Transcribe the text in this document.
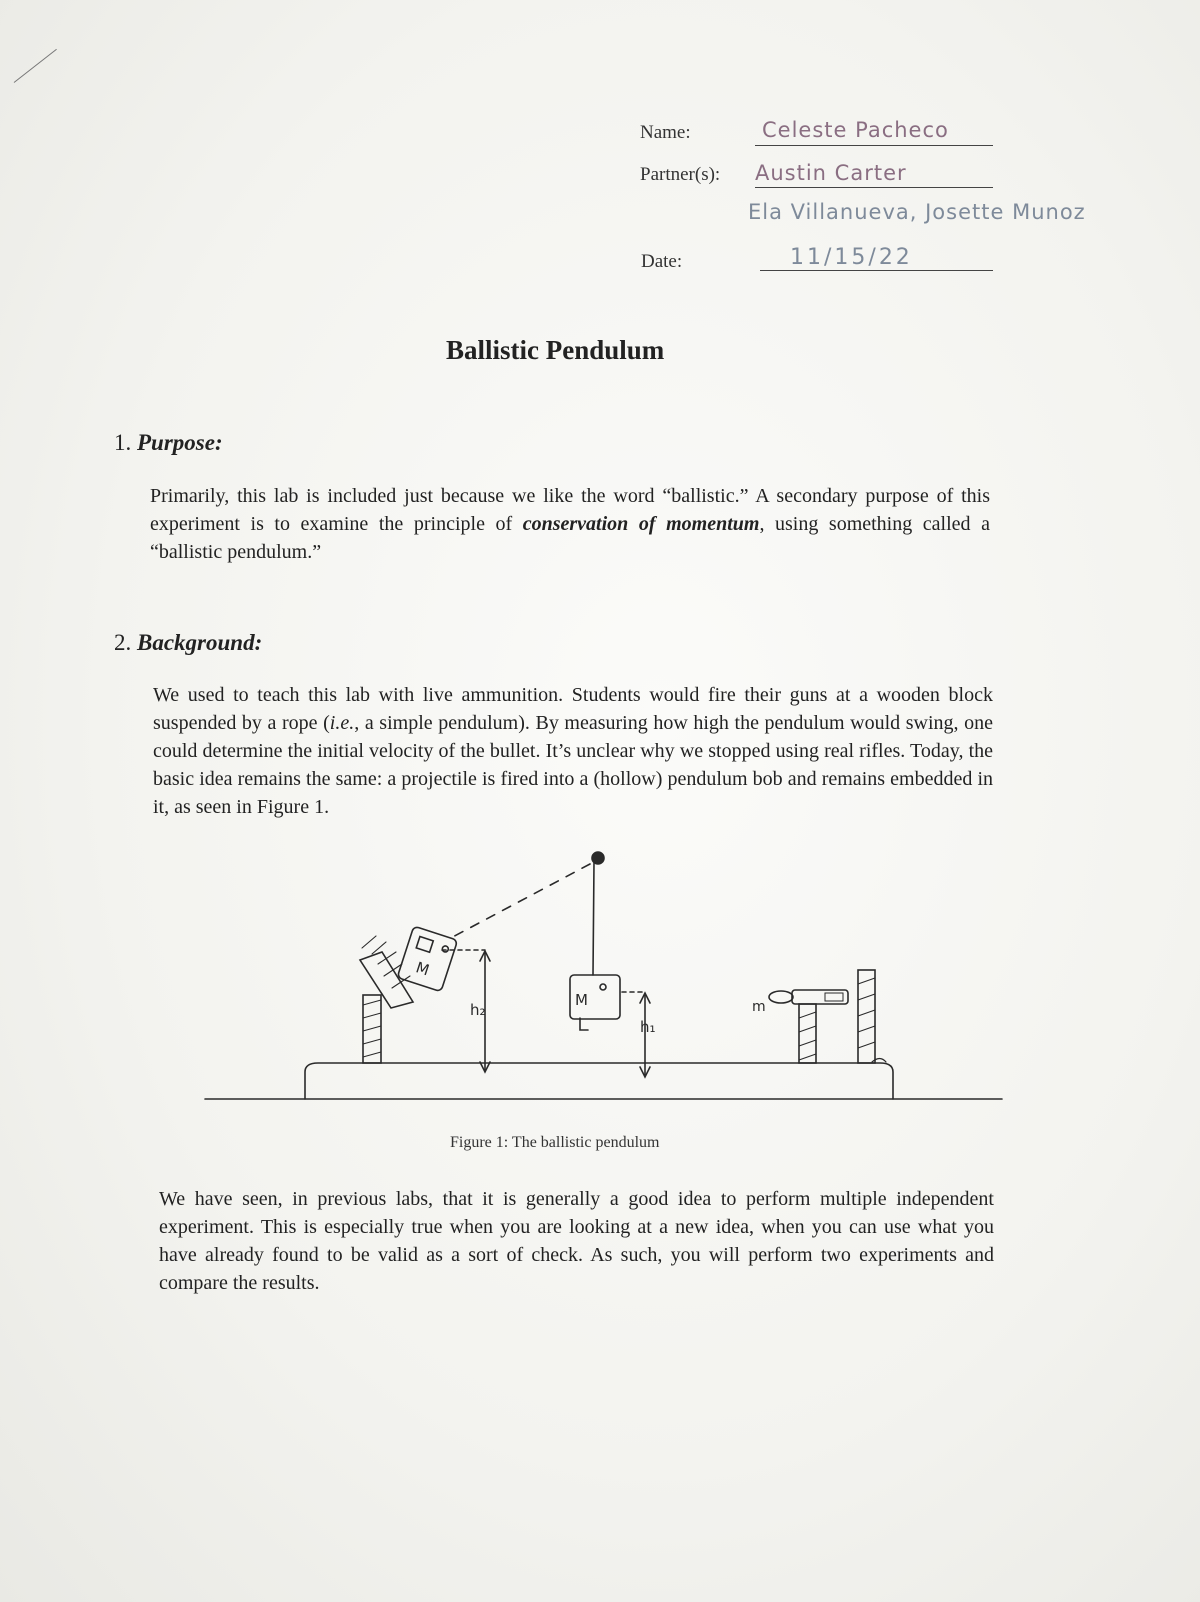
Name:	Celeste Pacheco
Partner(s): Austin Carter
Ela Villanueva, Josette Munoz
Date:	11/15/22
Ballistic Pendulum
1. Purpose:
Primarily, this lab is included just because we like the word “ballistic.” A secondary purpose of this experiment is to examine the principle of conservation of momentum, using something called a “ballistic pendulum.”
2. Background:
We used to teach this lab with live ammunition. Students would fire their guns at a wooden block suspended by a rope (i.e., a simple pendulum). By measuring how high the pendulum would swing, one could determine the initial velocity of the bullet. It’s unclear why we stopped using real rifles. Today, the basic idea remains the same: a projectile is fired into a (hollow) pendulum bob and remains embedded in it, as seen in Figure 1.
h₂
h₁
M
M
m
Figure 1: The ballistic pendulum
We have seen, in previous labs, that it is generally a good idea to perform multiple independent experiment. This is especially true when you are looking at a new idea, when you can use what you have already found to be valid as a sort of check. As such, you will perform two experiments and compare the results.
